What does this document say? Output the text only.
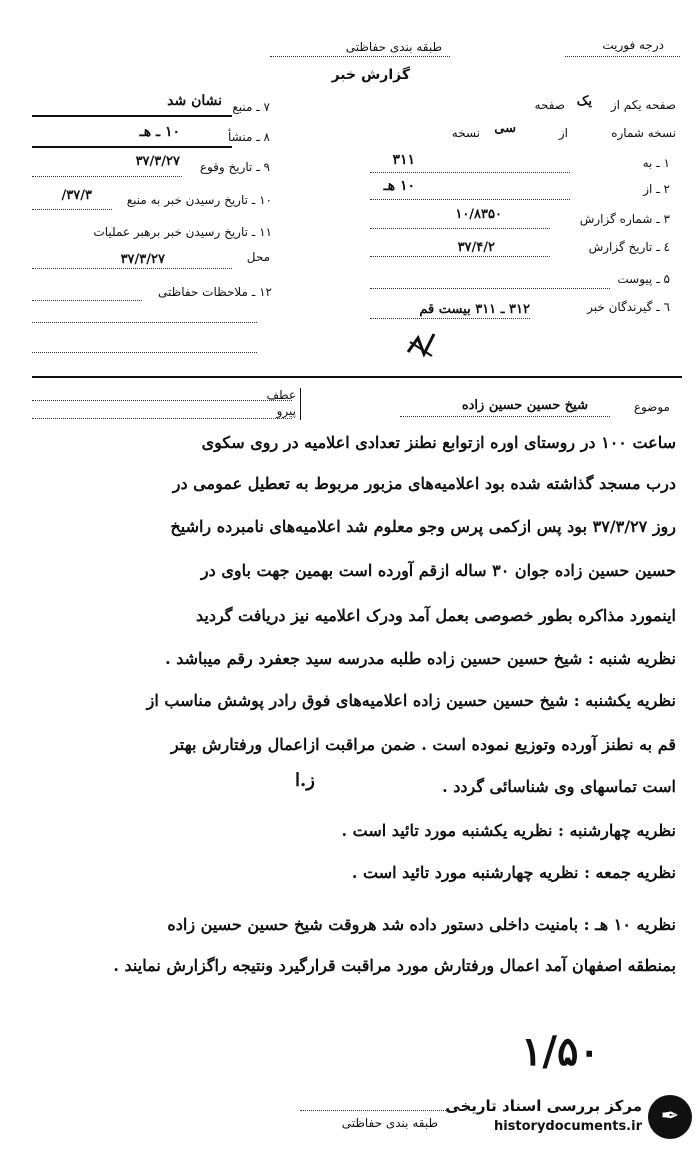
درجه فوریت
طبقه بندی حفاظتی
گزارش خبر
۷ ـ منبع
نشان شد
۸ ـ منشأ
۱۰ ـ هـ
۹ ـ تاریخ وقوع
۳۷/۳/۲۷
۱۰ ـ تاریخ رسیدن خبر به منبع
۳۷/۳/
۱۱ ـ تاریخ رسیدن خبر برهبر عملیات
محل
۳۷/۳/۲۷
۱۲ ـ ملاحظات حفاظتی
صفحه یکم از
یک
صفحه
نسخه شماره
از
سی
نسخه
۱ ـ به
۳۱۱
۲ ـ از
۱۰ هـ
۳ ـ شماره گزارش
۱۰/۸۳۵۰
٤ ـ تاریخ گزارش
۳۷/۴/۲
۵ ـ پیوست
٦ ـ گیرندگان خبر
۳۱۲ ـ ۳۱۱ بیست قم
موضوع
شیخ حسین حسین زاده
عطف
پیرو
ساعت ۱۰۰ در روستای اوره ازتوابع نطنز تعدادی اعلامیه در روی سکوی
درب مسجد گذاشته شده بود اعلامیه‌های مزبور مربوط به تعطیل عمومی در
روز ۳۷/۳/۲۷ بود پس ازکمی پرس وجو معلوم شد اعلامیه‌های نامبرده راشیخ
حسین حسین زاده جوان ۳۰ ساله ازقم آورده است بهمین جهت باوی در
اینمورد مذاکره بطور خصوصی بعمل آمد ودرک اعلامیه نیز دریافت گردید
نظریه شنبه : شیخ حسین حسین زاده طلبه مدرسه سید جعفرد رقم میباشد .
نظریه یکشنبه : شیخ حسین حسین زاده اعلامیه‌های فوق رادر پوشش مناسب از
قم به نطنز آورده وتوزیع نموده است . ضمن مراقبت ازاعمال ورفتارش بهتر
است تماسهای وی شناسائی گردد .
ز.ا
نظریه چهارشنبه : نظریه یکشنبه مورد تائید است .
نظریه جمعه : نظریه چهارشنبه مورد تائید است .
نظریه ۱۰ هـ : بامنیت داخلی دستور داده شد هروقت شیخ حسین حسین زاده
بمنطقه اصفهان آمد اعمال ورفتارش مورد مراقبت قرارگیرد ونتیجه راگزارش نمایند .
۱/۵۰
طبقه بندی حفاظتی	✒
مرکز بررسی اسناد تاریخی
historydocuments.ir
